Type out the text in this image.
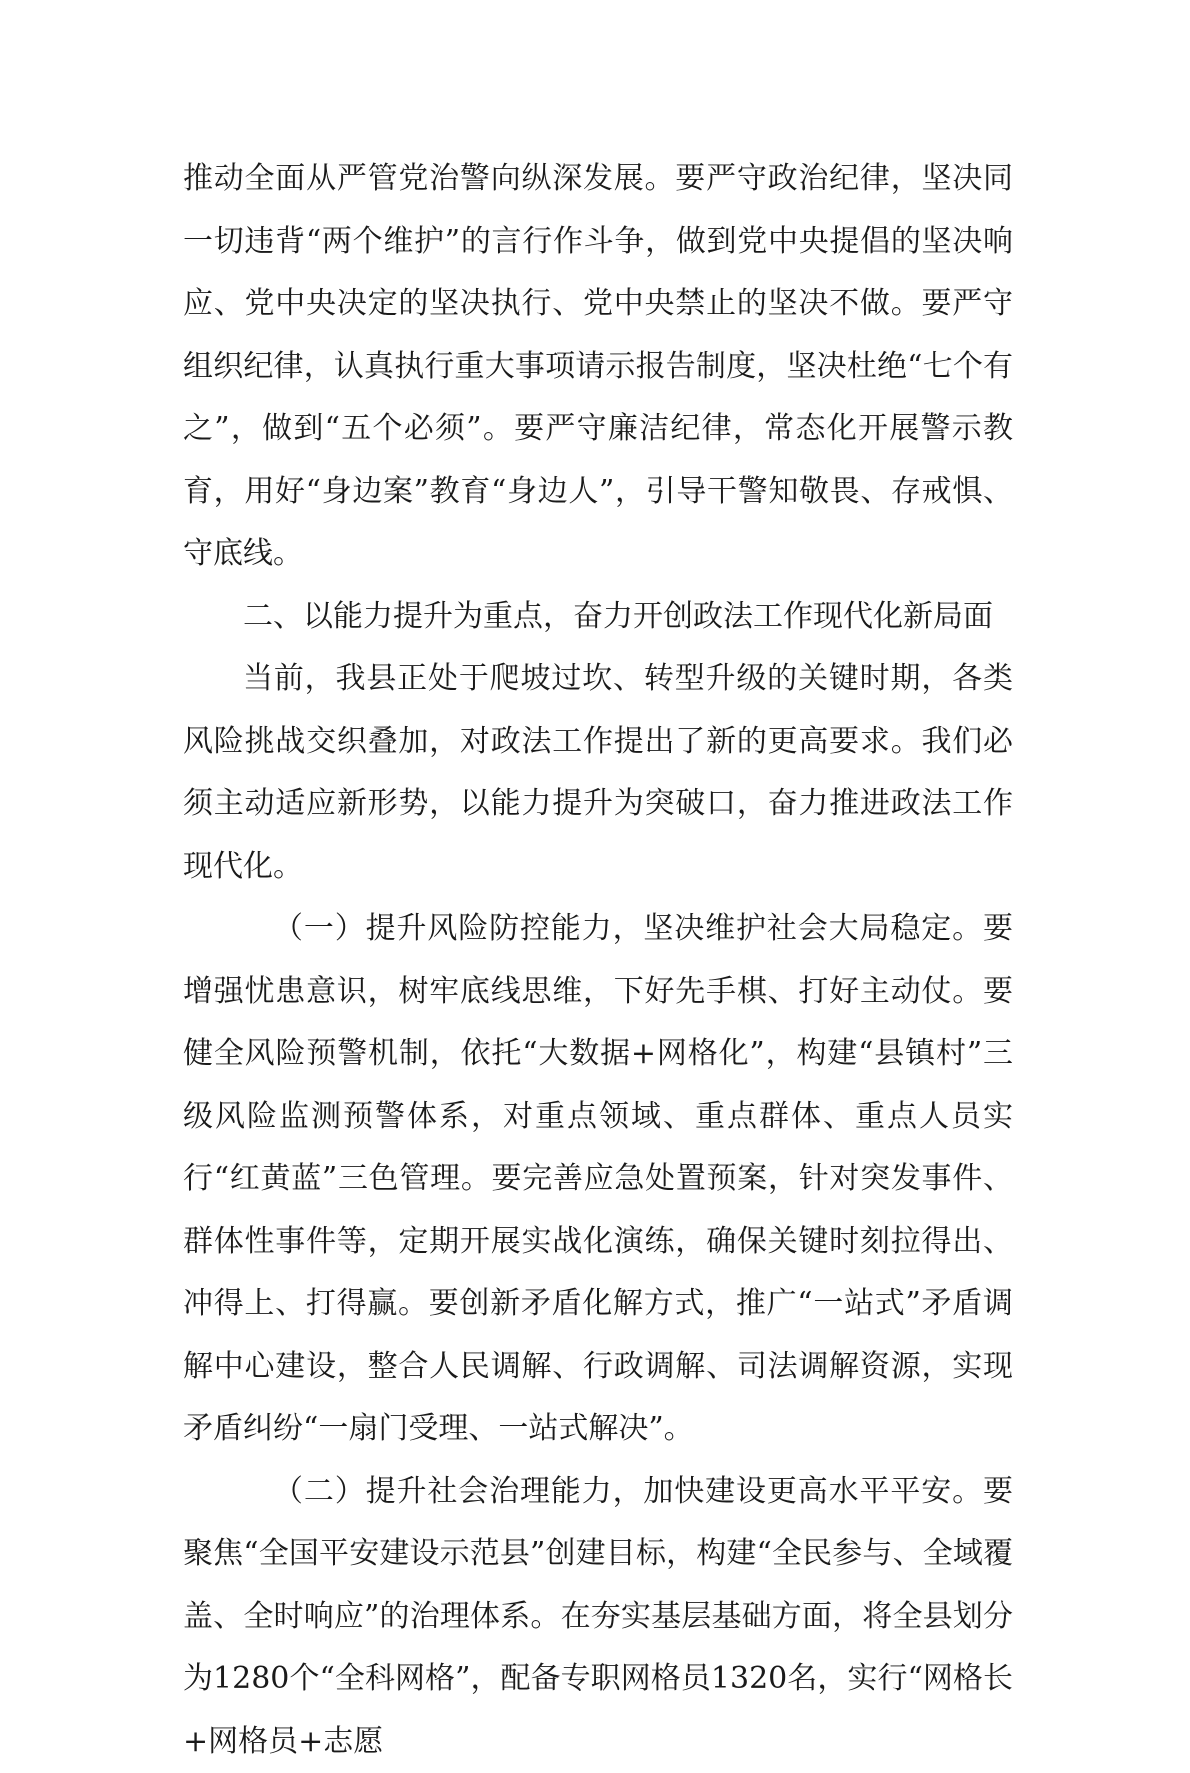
推动全面从严管党治警向纵深发展。要严守政治纪律，坚决同一切违背“两个维护”的言行作斗争，做到党中央提倡的坚决响应、党中央决定的坚决执行、党中央禁止的坚决不做。要严守组织纪律，认真执行重大事项请示报告制度，坚决杜绝“七个有之”，做到“五个必须”。要严守廉洁纪律，常态化开展警示教育，用好“身边案”教育“身边人”，引导干警知敬畏、存戒惧、守底线。

二、以能力提升为重点，奋力开创政法工作现代化新局面

当前，我县正处于爬坡过坎、转型升级的关键时期，各类风险挑战交织叠加，对政法工作提出了新的更高要求。我们必须主动适应新形势，以能力提升为突破口，奋力推进政法工作现代化。

（一）提升风险防控能力，坚决维护社会大局稳定。要增强忧患意识，树牢底线思维，下好先手棋、打好主动仗。要健全风险预警机制，依托“大数据+网格化”，构建“县镇村”三级风险监测预警体系，对重点领域、重点群体、重点人员实行“红黄蓝”三色管理。要完善应急处置预案，针对突发事件、群体性事件等，定期开展实战化演练，确保关键时刻拉得出、冲得上、打得赢。要创新矛盾化解方式，推广“一站式”矛盾调解中心建设，整合人民调解、行政调解、司法调解资源，实现矛盾纠纷“一扇门受理、一站式解决”。

（二）提升社会治理能力，加快建设更高水平平安。要聚焦“全国平安建设示范县”创建目标，构建“全民参与、全域覆盖、全时响应”的治理体系。在夯实基层基础方面，将全县划分为1280个“全科网格”，配备专职网格员1320名，实行“网格长+网格员+志愿
